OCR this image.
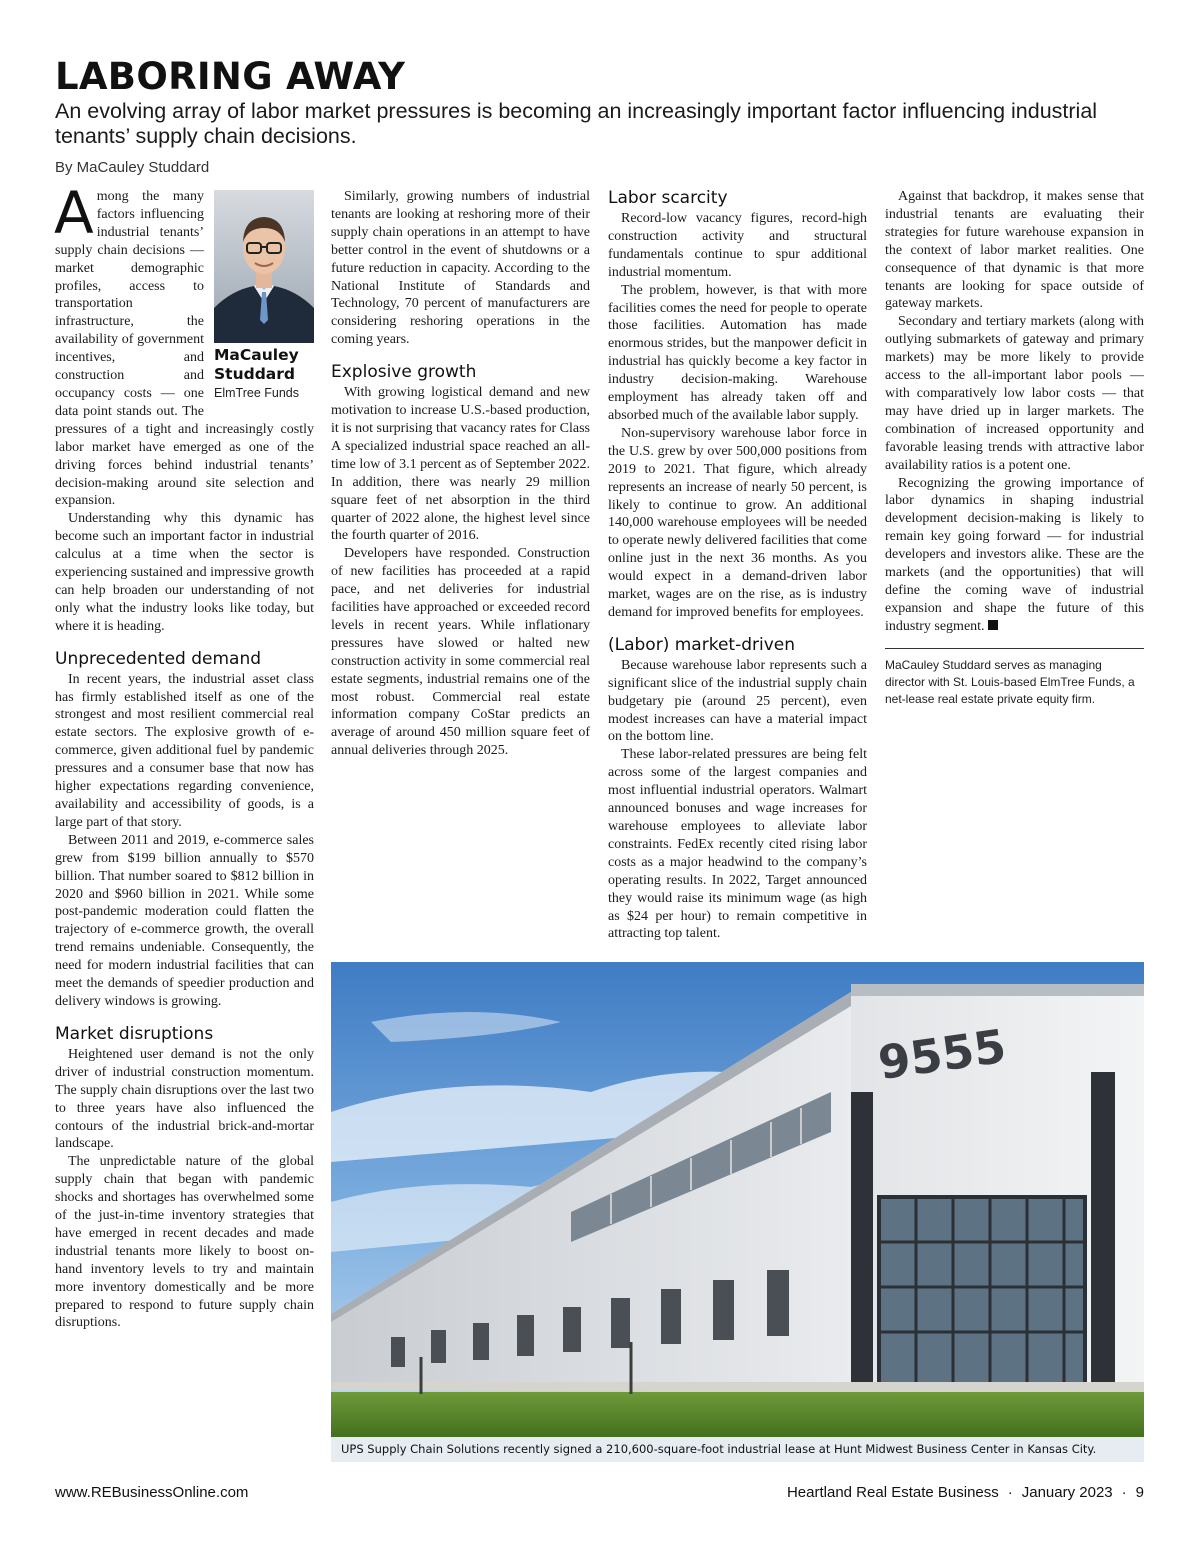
LABORING AWAY

An evolving array of labor market pressures is becoming an increasingly important factor influencing industrial tenants’ supply chain decisions.

By MaCauley Studdard

MaCauley Studdard
ElmTree Funds

Among the many factors influencing industrial tenants’ supply chain decisions — market demographic profiles, access to transportation infrastructure, the availability of government incentives, and construction and occupancy costs — one data point stands out. The pressures of a tight and increasingly costly labor market have emerged as one of the driving forces behind industrial tenants’ decision-making around site selection and expansion.

Understanding why this dynamic has become such an important factor in industrial calculus at a time when the sector is experiencing sustained and impressive growth can help broaden our understanding of not only what the industry looks like today, but where it is heading.

Unprecedented demand

In recent years, the industrial asset class has firmly established itself as one of the strongest and most resilient commercial real estate sectors. The explosive growth of e-commerce, given additional fuel by pandemic pressures and a consumer base that now has higher expectations regarding convenience, availability and accessibility of goods, is a large part of that story.

Between 2011 and 2019, e-commerce sales grew from $199 billion annually to $570 billion. That number soared to $812 billion in 2020 and $960 billion in 2021. While some post-pandemic moderation could flatten the trajectory of e-commerce growth, the overall trend remains undeniable. Consequently, the need for modern industrial facilities that can meet the demands of speedier production and delivery windows is growing.

Market disruptions

Heightened user demand is not the only driver of industrial construction momentum. The supply chain disruptions over the last two to three years have also influenced the contours of the industrial brick-and-mortar landscape.

The unpredictable nature of the global supply chain that began with pandemic shocks and shortages has overwhelmed some of the just-in-time inventory strategies that have emerged in recent decades and made industrial tenants more likely to boost on-hand inventory levels to try and maintain more inventory domestically and be more prepared to respond to future supply chain disruptions.

Similarly, growing numbers of industrial tenants are looking at reshoring more of their supply chain operations in an attempt to have better control in the event of shutdowns or a future reduction in capacity. According to the National Institute of Standards and Technology, 70 percent of manufacturers are considering reshoring operations in the coming years.

Explosive growth

With growing logistical demand and new motivation to increase U.S.-based production, it is not surprising that vacancy rates for Class A specialized industrial space reached an all-time low of 3.1 percent as of September 2022. In addition, there was nearly 29 million square feet of net absorption in the third quarter of 2022 alone, the highest level since the fourth quarter of 2016.

Developers have responded. Construction of new facilities has proceeded at a rapid pace, and net deliveries for industrial facilities have approached or exceeded record levels in recent years. While inflationary pressures have slowed or halted new construction activity in some commercial real estate segments, industrial remains one of the most robust. Commercial real estate information company CoStar predicts an average of around 450 million square feet of annual deliveries through 2025.

Labor scarcity

Record-low vacancy figures, record-high construction activity and structural fundamentals continue to spur additional industrial momentum.

The problem, however, is that with more facilities comes the need for people to operate those facilities. Automation has made enormous strides, but the manpower deficit in industrial has quickly become a key factor in industry decision-making. Warehouse employment has already taken off and absorbed much of the available labor supply.

Non-supervisory warehouse labor force in the U.S. grew by over 500,000 positions from 2019 to 2021. That figure, which already represents an increase of nearly 50 percent, is likely to continue to grow. An additional 140,000 warehouse employees will be needed to operate newly delivered facilities that come online just in the next 36 months. As you would expect in a demand-driven labor market, wages are on the rise, as is industry demand for improved benefits for employees.

(Labor) market-driven

Because warehouse labor represents such a significant slice of the industrial supply chain budgetary pie (around 25 percent), even modest increases can have a material impact on the bottom line.

These labor-related pressures are being felt across some of the largest companies and most influential industrial operators. Walmart announced bonuses and wage increases for warehouse employees to alleviate labor constraints. FedEx recently cited rising labor costs as a major headwind to the company’s operating results. In 2022, Target announced they would raise its minimum wage (as high as $24 per hour) to remain competitive in attracting top talent.

Against that backdrop, it makes sense that industrial tenants are evaluating their strategies for future warehouse expansion in the context of labor market realities. One consequence of that dynamic is that more tenants are looking for space outside of gateway markets.

Secondary and tertiary markets (along with outlying submarkets of gateway and primary markets) may be more likely to provide access to the all-important labor pools — with comparatively low labor costs — that may have dried up in larger markets. The combination of increased opportunity and favorable leasing trends with attractive labor availability ratios is a potent one.

Recognizing the growing importance of labor dynamics in shaping industrial development decision-making is likely to remain key going forward — for industrial developers and investors alike. These are the markets (and the opportunities) that will define the coming wave of industrial expansion and shape the future of this industry segment.

MaCauley Studdard serves as managing director with St. Louis-based ElmTree Funds, a net-lease real estate private equity firm.

9555
UPS Supply Chain Solutions recently signed a 210,600-square-foot industrial lease at Hunt Midwest Business Center in Kansas City.
www.REBusinessOnline.com	Heartland Real Estate Business · January 2023 · 9
